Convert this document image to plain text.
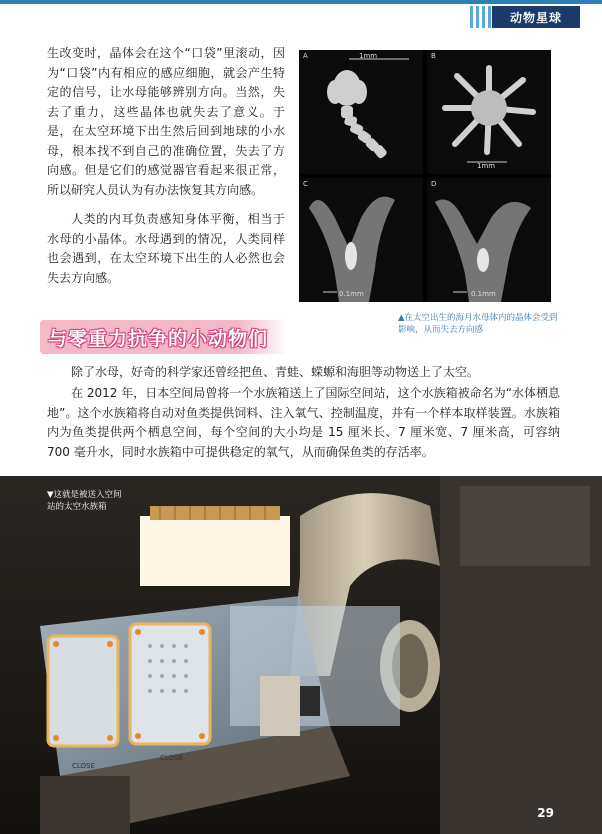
动物星球
生改变时，晶体会在这个“口袋”里滚动，因为“口袋”内有相应的感应细胞，就会产生特定的信号，让水母能够辨别方向。当然，失去了重力，这些晶体也就失去了意义。于是，在太空环境下出生然后回到地球的小水母，根本找不到自己的准确位置，失去了方向感。但是它们的感觉器官看起来很正常，所以研究人员认为有办法恢复其方向感。
人类的内耳负责感知身体平衡，相当于水母的小晶体。水母遇到的情况，人类同样也会遇到，在太空环境下出生的人必然也会失去方向感。
A	1mm	B
1mm
C
0.1mm
D
0.1mm
▲在太空出生的海月水母体内的晶体会受到影响，从而失去方向感
与零重力抗争的小动物们
除了水母，好奇的科学家还曾经把鱼、青蛙、蝾螈和海胆等动物送上了太空。
在 2012 年，日本空间局曾将一个水族箱送上了国际空间站，这个水族箱被命名为“水体栖息地”。这个水族箱将自动对鱼类提供饲料、注入氧气、控制温度，并有一个样本取样装置。水族箱内为鱼类提供两个栖息空间，每个空间的大小均是 15 厘米长、7 厘米宽、7 厘米高，可容纳 700 毫升水，同时水族箱中可提供稳定的氧气，从而确保鱼类的存活率。
CLOSE
CLOSE
▼这就是被送入空间站的太空水族箱
29
